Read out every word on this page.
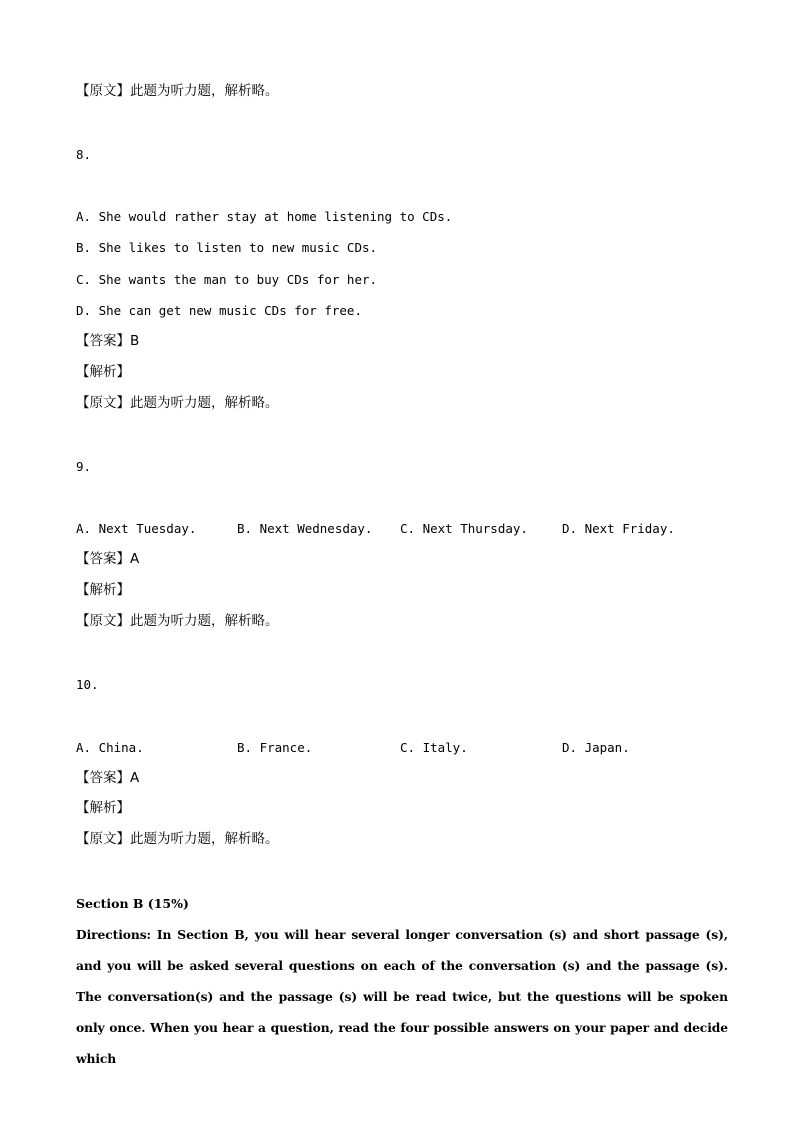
【原文】此题为听力题，解析略。
8.
A. She would rather stay at home listening to CDs.
B. She likes to listen to new music CDs.
C. She wants the man to buy CDs for her.
D. She can get new music CDs for free.
【答案】B
【解析】
【原文】此题为听力题，解析略。
9.

A. Next Tuesday.

	B. Next Wednesday.

C. Next Thursday.

	D. Next Friday.

【答案】A
【解析】
【原文】此题为听力题，解析略。
10.

A. China.

	B. France.

	C. Italy.

	D. Japan.

【答案】A
【解析】
【原文】此题为听力题，解析略。
Section B (15%)
Directions: In Section B, you will hear several longer conversation (s) and short passage (s), and you will be asked several questions on each of the conversation (s) and the passage (s). The conversation(s) and the passage (s) will be read twice, but the questions will be spoken only once. When you hear a question, read the four possible answers on your paper and decide which
